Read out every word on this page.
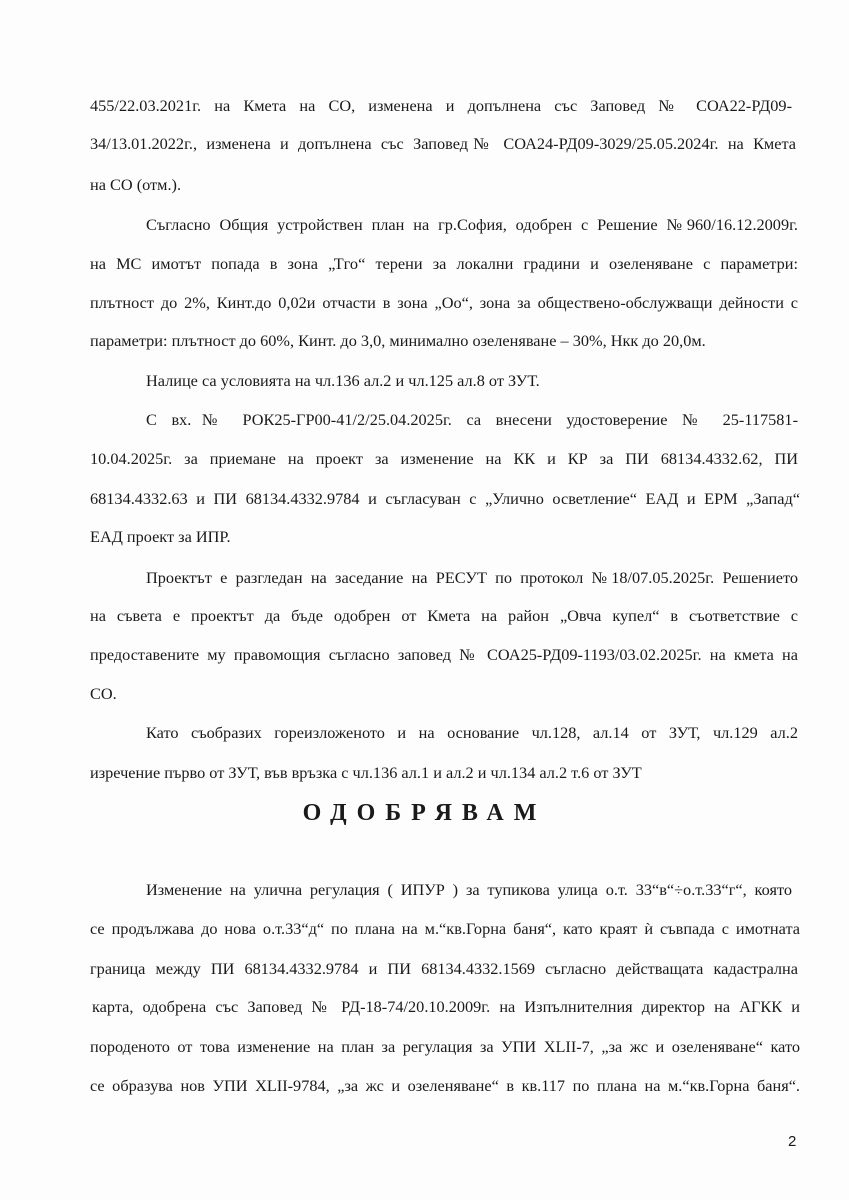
455/22.03.2021г. на Кмета на СО, изменена и допълнена със Заповед № СОА22-РД09-
34/13.01.2022г., изменена и допълнена със Заповед№ СОА24-РД09-3029/25.05.2024г. на Кмета
на СО (отм.).
Съгласно Общия устройствен план на гр.София, одобрен с Решение №960/16.12.2009г.
на МС имотът попада в зона „Тго“ терени за локални градини и озеленяване с параметри:
плътност до 2%, Кинт.до 0,02и отчасти в зона „Оо“, зона за обществено-обслужващи дейности с
параметри: плътност до 60%, Кинт. до 3,0, минимално озеленяване – 30%, Нкк до 20,0м.
Налице са условията на чл.136 ал.2 и чл.125 ал.8 от ЗУТ.
С вх.№ РОК25-ГР00-41/2/25.04.2025г. са внесени удостоверение № 25-117581-
10.04.2025г. за приемане на проект за изменение на КК и КР за ПИ 68134.4332.62, ПИ
68134.4332.63 и ПИ 68134.4332.9784 и съгласуван с „Улично осветление“ ЕАД и ЕРМ „Запад“
ЕАД проект за ИПР.
Проектът е разгледан на заседание на РЕСУТ по протокол №18/07.05.2025г. Решението
на съвета е проектът да бъде одобрен от Кмета на район „Овча купел“ в съответствие с
предоставените му правомощия съгласно заповед № СОА25-РД09-1193/03.02.2025г. на кмета на
СО.
Като съобразих гореизложеното и на основание чл.128, ал.14 от ЗУТ, чл.129 ал.2
изречение първо от ЗУТ, във връзка с чл.136 ал.1 и ал.2 и чл.134 ал.2 т.6 от ЗУТ
ОДОБРЯВАМ
Изменение на улична регулация ( ИПУР ) за тупикова улица о.т. 33“в“÷о.т.33“г“, която
се продължава до нова о.т.33“д“ по плана на м.“кв.Горна баня“, като краят ѝ съвпада с имотната
граница между ПИ 68134.4332.9784 и ПИ 68134.4332.1569 съгласно действащата кадастрална
карта, одобрена със Заповед № РД-18-74/20.10.2009г. на Изпълнителния директор на АГКК и
породеното от това изменение на план за регулация за УПИ XLII-7, „за жс и озеленяване“ като
се образува нов УПИ XLII-9784, „за жс и озеленяване“ в кв.117 по плана на м.“кв.Горна баня“.
2
